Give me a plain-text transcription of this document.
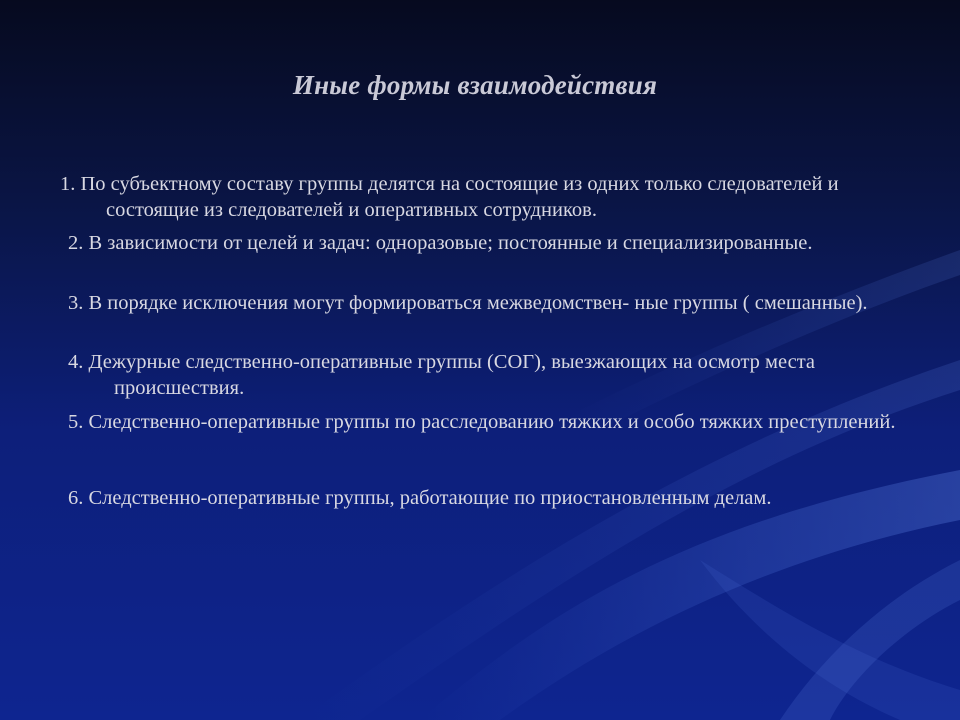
Иные формы взаимодействия
1. По субъектному составу группы делятся на состоящие из одних только следователей и состоящие из следователей и оперативных сотрудников.
2. В зависимости от целей и задач: одноразовые; постоянные и специализированные.
3. В порядке исключения могут формироваться межведомствен- ные группы ( смешанные).
4. Дежурные следственно-оперативные группы (СОГ), выезжающих на осмотр места происшествия.
5. Следственно-оперативные группы по расследованию тяжких и особо тяжких преступлений.
6. Следственно-оперативные группы, работающие по приостановленным делам.
